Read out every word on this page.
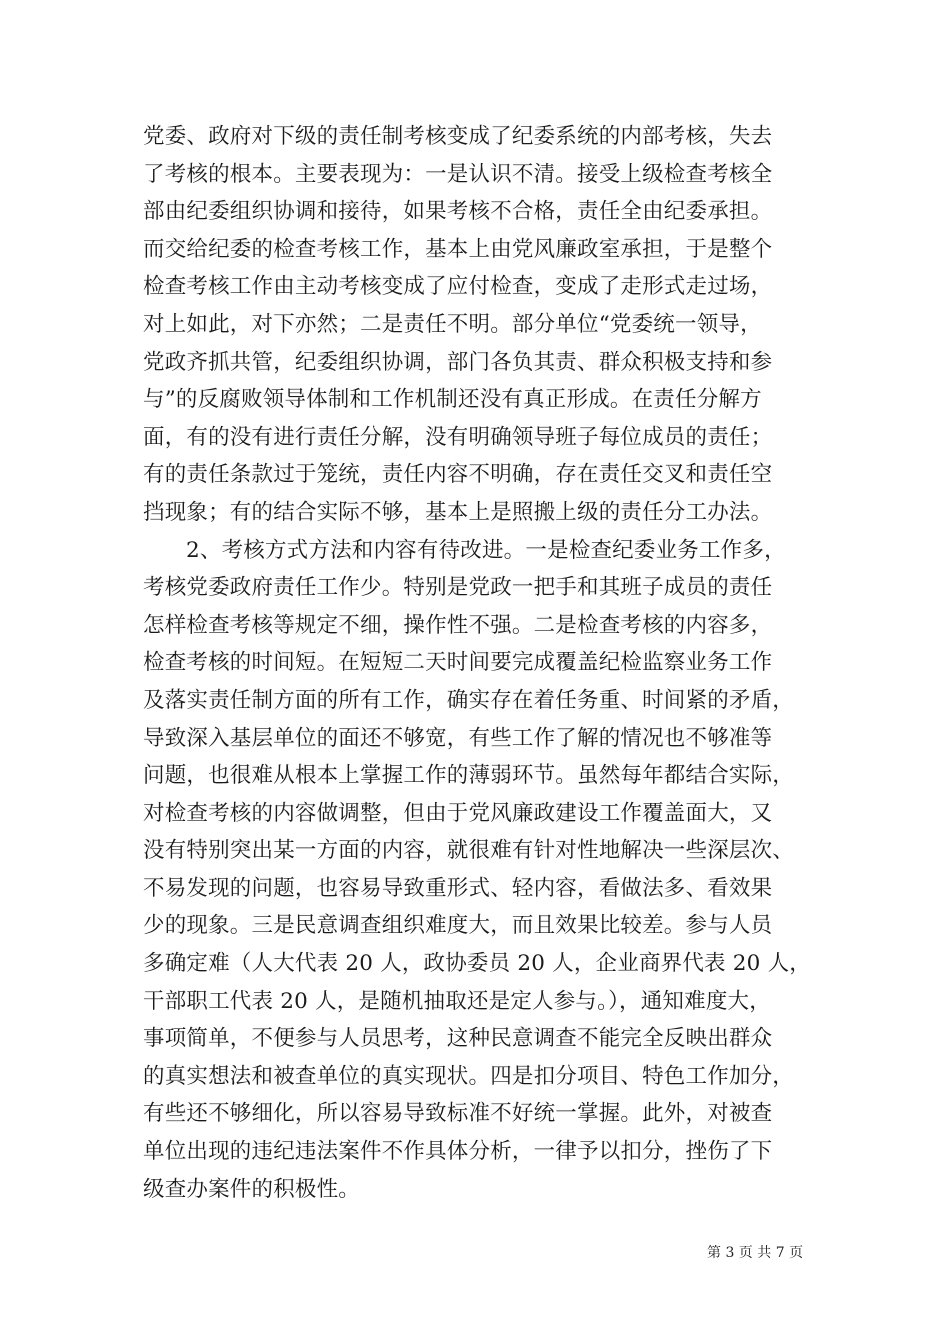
党委、政府对下级的责任制考核变成了纪委系统的内部考核，失去
了考核的根本。主要表现为：一是认识不清。接受上级检查考核全
部由纪委组织协调和接待，如果考核不合格，责任全由纪委承担。
而交给纪委的检查考核工作，基本上由党风廉政室承担，于是整个
检查考核工作由主动考核变成了应付检查，变成了走形式走过场，
对上如此，对下亦然；二是责任不明。部分单位“党委统一领导，
党政齐抓共管，纪委组织协调，部门各负其责、群众积极支持和参
与”的反腐败领导体制和工作机制还没有真正形成。在责任分解方
面，有的没有进行责任分解，没有明确领导班子每位成员的责任；
有的责任条款过于笼统，责任内容不明确，存在责任交叉和责任空
挡现象；有的结合实际不够，基本上是照搬上级的责任分工办法。
2、考核方式方法和内容有待改进。一是检查纪委业务工作多，
考核党委政府责任工作少。特别是党政一把手和其班子成员的责任
怎样检查考核等规定不细，操作性不强。二是检查考核的内容多，
检查考核的时间短。在短短二天时间要完成覆盖纪检监察业务工作
及落实责任制方面的所有工作，确实存在着任务重、时间紧的矛盾，
导致深入基层单位的面还不够宽，有些工作了解的情况也不够准等
问题，也很难从根本上掌握工作的薄弱环节。虽然每年都结合实际，
对检查考核的内容做调整，但由于党风廉政建设工作覆盖面大，又
没有特别突出某一方面的内容，就很难有针对性地解决一些深层次、
不易发现的问题，也容易导致重形式、轻内容，看做法多、看效果
少的现象。三是民意调查组织难度大，而且效果比较差。参与人员
多确定难（人大代表 20 人，政协委员 20 人，企业商界代表 20 人，
干部职工代表 20 人，是随机抽取还是定人参与。），通知难度大，
事项简单，不便参与人员思考，这种民意调查不能完全反映出群众
的真实想法和被查单位的真实现状。四是扣分项目、特色工作加分，
有些还不够细化，所以容易导致标准不好统一掌握。此外，对被查
单位出现的违纪违法案件不作具体分析，一律予以扣分，挫伤了下
级查办案件的积极性。
第 3 页 共 7 页
